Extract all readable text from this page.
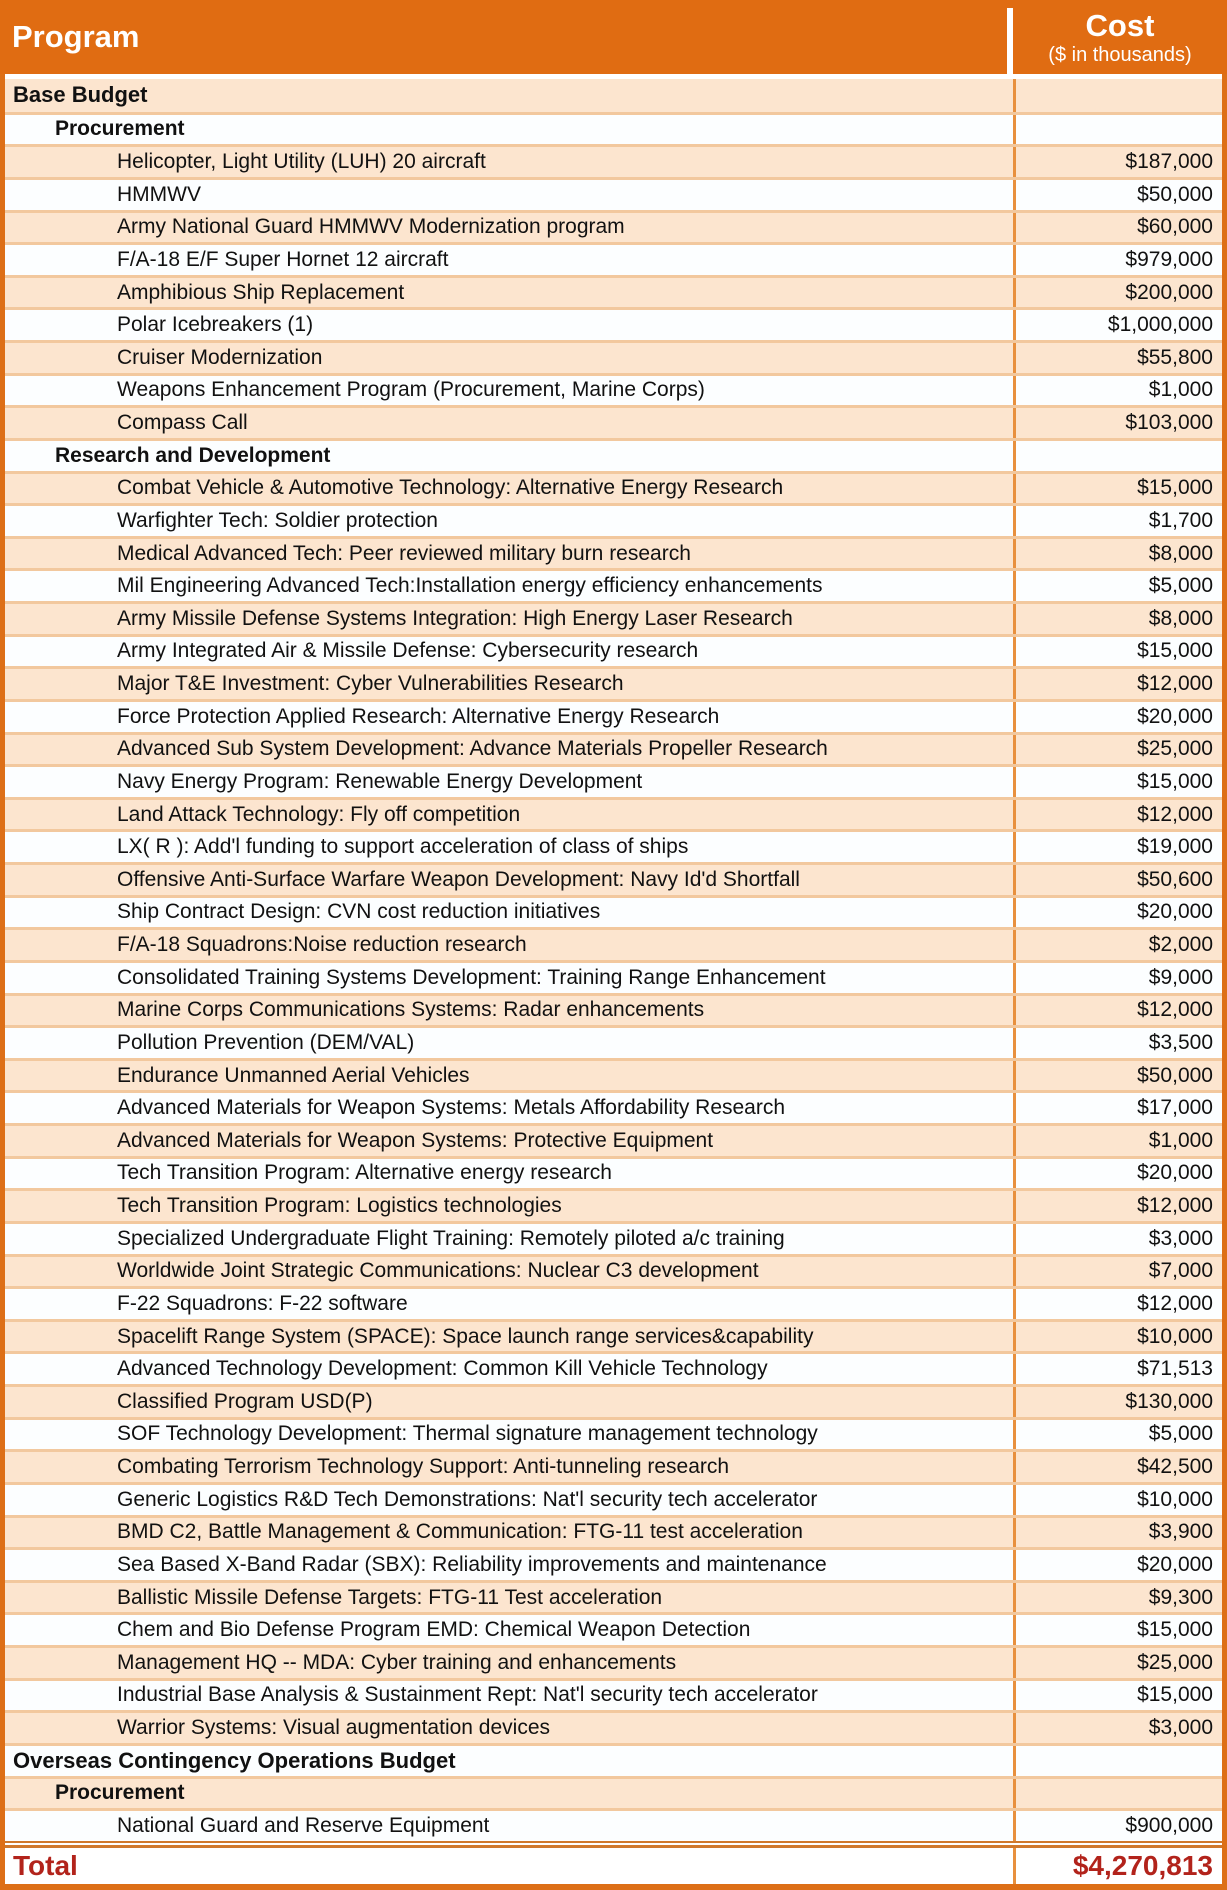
Program	Cost
($ in thousands)
Base Budget
Procurement
Helicopter, Light Utility (LUH) 20 aircraft	$187,000
HMMWV	$50,000
Army National Guard HMMWV Modernization program	$60,000
F/A-18 E/F Super Hornet 12 aircraft	$979,000
Amphibious Ship Replacement	$200,000
Polar Icebreakers (1)	$1,000,000
Cruiser Modernization	$55,800
Weapons Enhancement Program (Procurement, Marine Corps)	$1,000
Compass Call	$103,000
Research and Development
Combat Vehicle & Automotive Technology: Alternative Energy Research	$15,000
Warfighter Tech: Soldier protection	$1,700
Medical Advanced Tech: Peer reviewed military burn research	$8,000
Mil Engineering Advanced Tech:Installation energy efficiency enhancements	$5,000
Army Missile Defense Systems Integration: High Energy Laser Research	$8,000
Army Integrated Air & Missile Defense: Cybersecurity research	$15,000
Major T&E Investment: Cyber Vulnerabilities Research	$12,000
Force Protection Applied Research: Alternative Energy Research	$20,000
Advanced Sub System Development: Advance Materials Propeller Research	$25,000
Navy Energy Program: Renewable Energy Development	$15,000
Land Attack Technology: Fly off competition	$12,000
LX( R ): Add'l funding to support acceleration of class of ships	$19,000
Offensive Anti-Surface Warfare Weapon Development: Navy Id'd Shortfall	$50,600
Ship Contract Design: CVN cost reduction initiatives	$20,000
F/A-18 Squadrons:Noise reduction research	$2,000
Consolidated Training Systems Development: Training Range Enhancement	$9,000
Marine Corps Communications Systems: Radar enhancements	$12,000
Pollution Prevention (DEM/VAL)	$3,500
Endurance Unmanned Aerial Vehicles	$50,000
Advanced Materials for Weapon Systems: Metals Affordability Research	$17,000
Advanced Materials for Weapon Systems: Protective Equipment	$1,000
Tech Transition Program: Alternative energy research	$20,000
Tech Transition Program: Logistics technologies	$12,000
Specialized Undergraduate Flight Training: Remotely piloted a/c training	$3,000
Worldwide Joint Strategic Communications: Nuclear C3 development	$7,000
F-22 Squadrons: F-22 software	$12,000
Spacelift Range System (SPACE): Space launch range services&capability	$10,000
Advanced Technology Development: Common Kill Vehicle Technology	$71,513
Classified Program USD(P)	$130,000
SOF Technology Development: Thermal signature management technology	$5,000
Combating Terrorism Technology Support: Anti-tunneling research	$42,500
Generic Logistics R&D Tech Demonstrations: Nat'l security tech accelerator	$10,000
BMD C2, Battle Management & Communication: FTG-11 test acceleration	$3,900
Sea Based X-Band Radar (SBX): Reliability improvements and maintenance	$20,000
Ballistic Missile Defense Targets: FTG-11 Test acceleration	$9,300
Chem and Bio Defense Program EMD: Chemical Weapon Detection	$15,000
Management HQ -- MDA: Cyber training and enhancements	$25,000
Industrial Base Analysis & Sustainment Rept: Nat'l security tech accelerator	$15,000
Warrior Systems: Visual augmentation devices	$3,000
Overseas Contingency Operations Budget
Procurement
National Guard and Reserve Equipment	$900,000
Total	$4,270,813
